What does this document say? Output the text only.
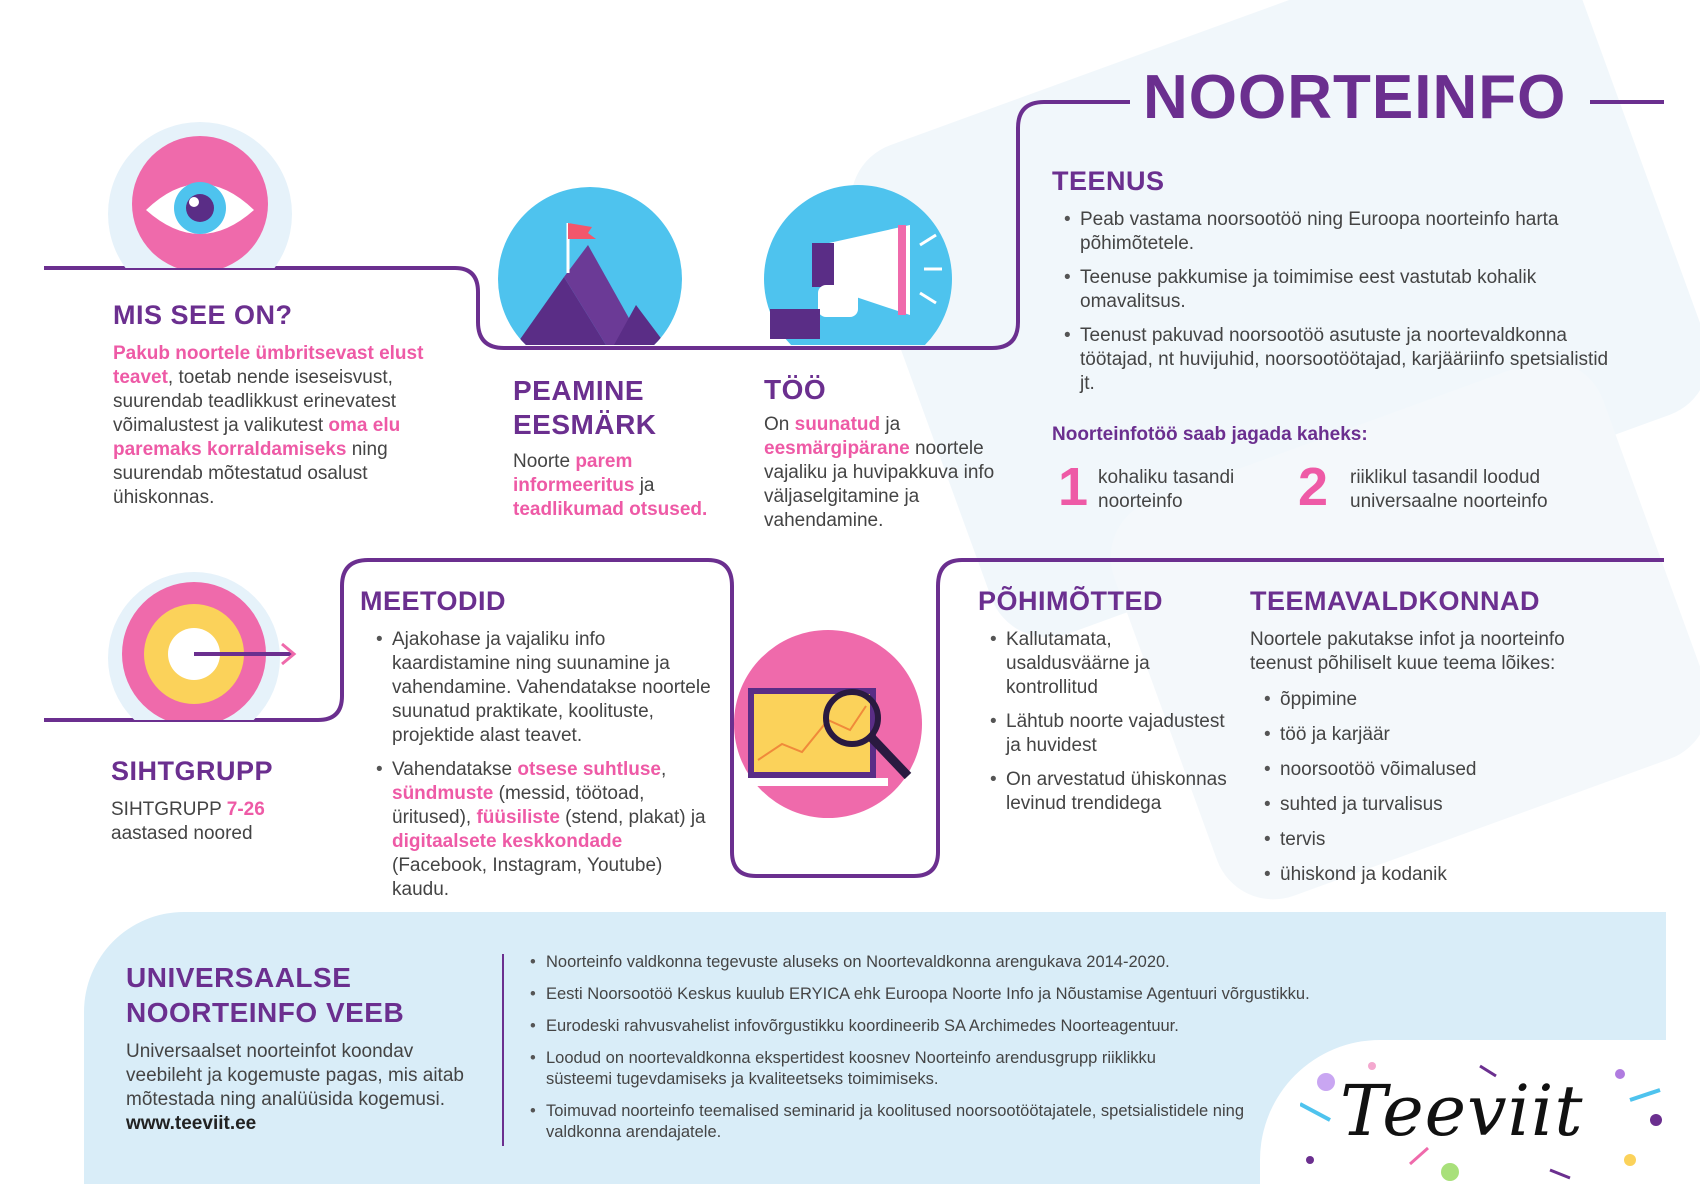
NOORTEINFO
MIS SEE ON?
Pakub noortele ümbritsevast elust teavet, toetab nende iseseisvust, suurendab teadlikkust erinevatest võimalustest ja valikutest oma elu paremaks korraldamiseks ning suurendab mõtestatud osalust ühiskonnas.
PEAMINE
EESMÄRK
Noorte parem informeeritus ja teadlikumad otsused.
TÖÖ
On suunatud ja eesmärgipärane noortele vajaliku ja huvipakkuva info väljaselgitamine ja vahendamine.
TEENUS
• Peab vastama noorsootöö ning Euroopa noorteinfo harta põhimõtetele.
• Teenuse pakkumise ja toimimise eest vastutab kohalik omavalitsus.
• Teenust pakuvad noorsootöö asutuste ja noortevaldkonna töötajad, nt huvijuhid, noorsootöötajad, karjääriinfo spetsialistid jt.
Noorteinfotöö saab jagada kaheks:
1 kohaliku tasandi noorteinfo	2 riiklikul tasandil loodud universaalne noorteinfo
SIHTGRUPP
SIHTGRUPP 7-26 aastased noored
MEETODID
• Ajakohase ja vajaliku info kaardistamine ning suunamine ja vahendamine. Vahendatakse noortele suunatud praktikate, koolituste, projektide alast teavet.
• Vahendatakse otsese suhtluse, sündmuste (messid, töötoad, üritused), füüsiliste (stend, plakat) ja digitaalsete keskkondade (Facebook, Instagram, Youtube) kaudu.
PÕHIMÕTTED
• Kallutamata, usaldusväärne ja kontrollitud
• Lähtub noorte vajadustest ja huvidest
• On arvestatud ühiskonnas levinud trendidega
TEEMAVALDKONNAD
Noortele pakutakse infot ja noorteinfo teenust põhiliselt kuue teema lõikes:
• õppimine
• töö ja karjäär
• noorsootöö võimalused
• suhted ja turvalisus
• tervis
• ühiskond ja kodanik
UNIVERSAALSE
NOORTEINFO VEEB
Universaalset noorteinfot koondav veebileht ja kogemuste pagas, mis aitab mõtestada ning analüüsida kogemusi. www.teeviit.ee
• Noorteinfo valdkonna tegevuste aluseks on Noortevaldkonna arengukava 2014-2020.
• Eesti Noorsootöö Keskus kuulub ERYICA ehk Euroopa Noorte Info ja Nõustamise Agentuuri võrgustikku.
• Eurodeski rahvusvahelist infovõrgustikku koordineerib SA Archimedes Noorteagentuur.
• Loodud on noortevaldkonna ekspertidest koosnev Noorteinfo arendusgrupp riiklikku süsteemi tugevdamiseks ja kvaliteetseks toimimiseks.
• Toimuvad noorteinfo teemalised seminarid ja koolitused noorsootöötajatele, spetsialistidele ning valdkonna arendajatele.	Teeviit
